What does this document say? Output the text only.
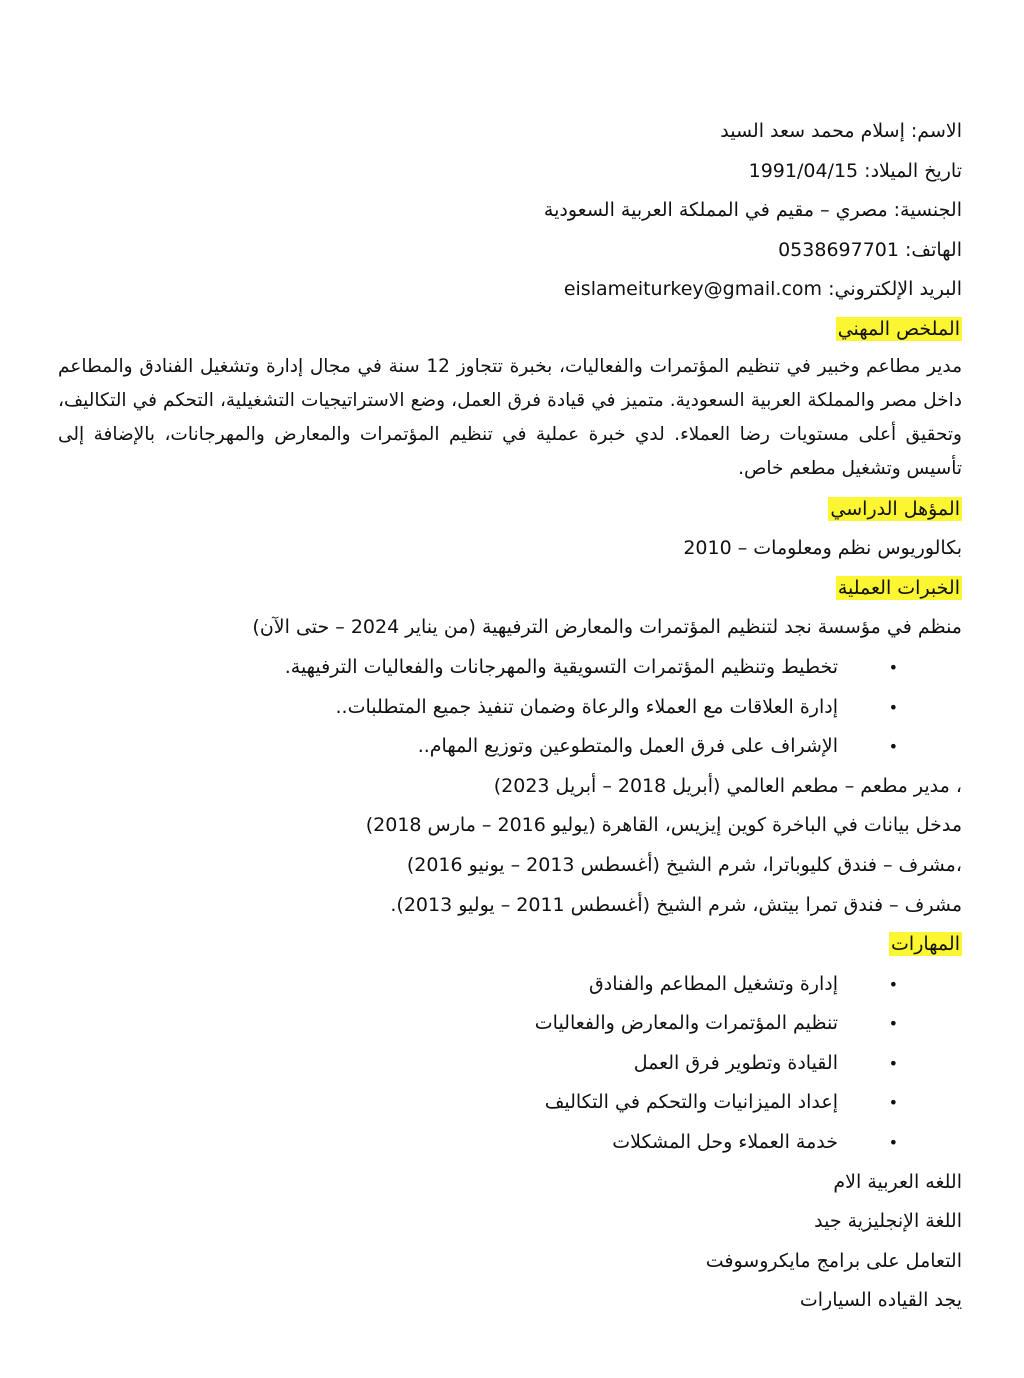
الاسم: إسلام محمد سعد السيد
تاريخ الميلاد: 1991/04/15
الجنسية: مصري – مقيم في المملكة العربية السعودية
الهاتف: 0538697701
البريد الإلكتروني: eislameiturkey@gmail.com
الملخص المهني

مدير مطاعم وخبير في تنظيم المؤتمرات والفعاليات، بخبرة تتجاوز 12 سنة في مجال إدارة وتشغيل الفنادق والمطاعم داخل مصر والمملكة العربية السعودية. متميز في قيادة فرق العمل، وضع الاستراتيجيات التشغيلية، التحكم في التكاليف، وتحقيق أعلى مستويات رضا العملاء. لدي خبرة عملية في تنظيم المؤتمرات والمعارض والمهرجانات، بالإضافة إلى تأسيس وتشغيل مطعم خاص.

المؤهل الدراسي
بكالوريوس نظم ومعلومات – 2010
الخبرات العملية
منظم في مؤسسة نجد لتنظيم المؤتمرات والمعارض الترفيهية (من يناير 2024 – حتى الآن)
•
تخطيط وتنظيم المؤتمرات التسويقية والمهرجانات والفعاليات الترفيهية.
•
إدارة العلاقات مع العملاء والرعاة وضمان تنفيذ جميع المتطلبات..
•
الإشراف على فرق العمل والمتطوعين وتوزيع المهام..
، مدير مطعم – مطعم العالمي (أبريل 2018 – أبريل 2023)
مدخل بيانات في الباخرة كوين إيزيس، القاهرة (يوليو 2016 – مارس 2018)
،مشرف – فندق كليوباترا، شرم الشيخ (أغسطس 2013 – يونيو 2016)
مشرف – فندق تمرا بيتش، شرم الشيخ (أغسطس 2011 – يوليو 2013).
المهارات
•
إدارة وتشغيل المطاعم والفنادق
•
تنظيم المؤتمرات والمعارض والفعاليات
•
القيادة وتطوير فرق العمل
•
إعداد الميزانيات والتحكم في التكاليف
•
خدمة العملاء وحل المشكلات
اللغه العربية الام
اللغة الإنجليزية جيد
التعامل على برامج مايكروسوفت
يجد القياده السيارات
